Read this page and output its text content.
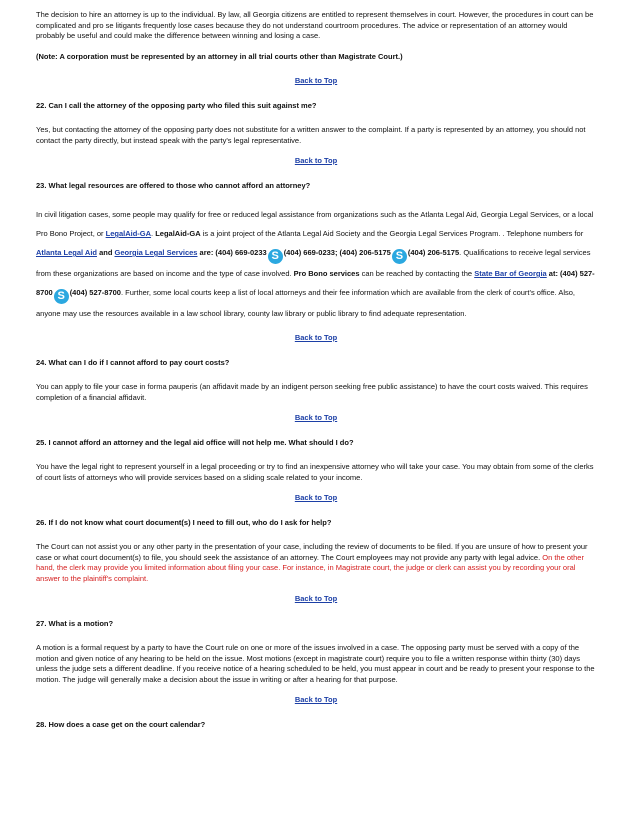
The decision to hire an attorney is up to the individual. By law, all Georgia citizens are entitled to represent themselves in court. However, the procedures in court can be complicated and pro se litigants frequently lose cases because they do not understand courtroom procedures. The advice or representation of an attorney would probably be useful and could make the difference between winning and losing a case.

(Note: A corporation must be represented by an attorney in all trial courts other than Magistrate Court.)

Back to Top

22. Can I call the attorney of the opposing party who filed this suit against me?

Yes, but contacting the attorney of the opposing party does not substitute for a written answer to the complaint. If a party is represented by an attorney, you should not contact the party directly, but instead speak with the party's legal representative.

Back to Top

23. What legal resources are offered to those who cannot afford an attorney?

In civil litigation cases, some people may qualify for free or reduced legal assistance from organizations such as the Atlanta Legal Aid, Georgia Legal Services, or a local Pro Bono Project, or LegalAid-GA. LegalAid-GA is a joint project of the Atlanta Legal Aid Society and the Georgia Legal Services Program. . Telephone numbers for Atlanta Legal Aid and Georgia Legal Services are: (404) 669-0233 S (404) 669-0233; (404) 206-5175 S (404) 206-5175. Qualifications to receive legal services from these organizations are based on income and the type of case involved. Pro Bono services can be reached by contacting the State Bar of Georgia at: (404) 527-8700 S (404) 527-8700. Further, some local courts keep a list of local attorneys and their fee information which are available from the clerk of court's office. Also, anyone may use the resources available in a law school library, county law library or public library to find adequate representation.

Back to Top

24. What can I do if I cannot afford to pay court costs?

You can apply to file your case in forma pauperis (an affidavit made by an indigent person seeking free public assistance) to have the court costs waived. This requires completion of a financial affidavit.

Back to Top

25. I cannot afford an attorney and the legal aid office will not help me. What should I do?

You have the legal right to represent yourself in a legal proceeding or try to find an inexpensive attorney who will take your case. You may obtain from some of the clerks of court lists of attorneys who will provide services based on a sliding scale related to your income.

Back to Top

26. If I do not know what court document(s) I need to fill out, who do I ask for help?

The Court can not assist you or any other party in the presentation of your case, including the review of documents to be filed. If you are unsure of how to present your case or what court document(s) to file, you should seek the assistance of an attorney. The Court employees may not provide any party with legal advice. On the other hand, the clerk may provide you limited information about filing your case. For instance, in Magistrate court, the judge or clerk can assist you by recording your oral answer to the plaintiff's complaint.

Back to Top

27. What is a motion?

A motion is a formal request by a party to have the Court rule on one or more of the issues involved in a case. The opposing party must be served with a copy of the motion and given notice of any hearing to be held on the issue. Most motions (except in magistrate court) require you to file a written response within thirty (30) days unless the judge sets a different deadline. If you receive notice of a hearing scheduled to be held, you must appear in court and be ready to present your response to the motion. The judge will generally make a decision about the issue in writing or after a hearing for that purpose.

Back to Top

28. How does a case get on the court calendar?
